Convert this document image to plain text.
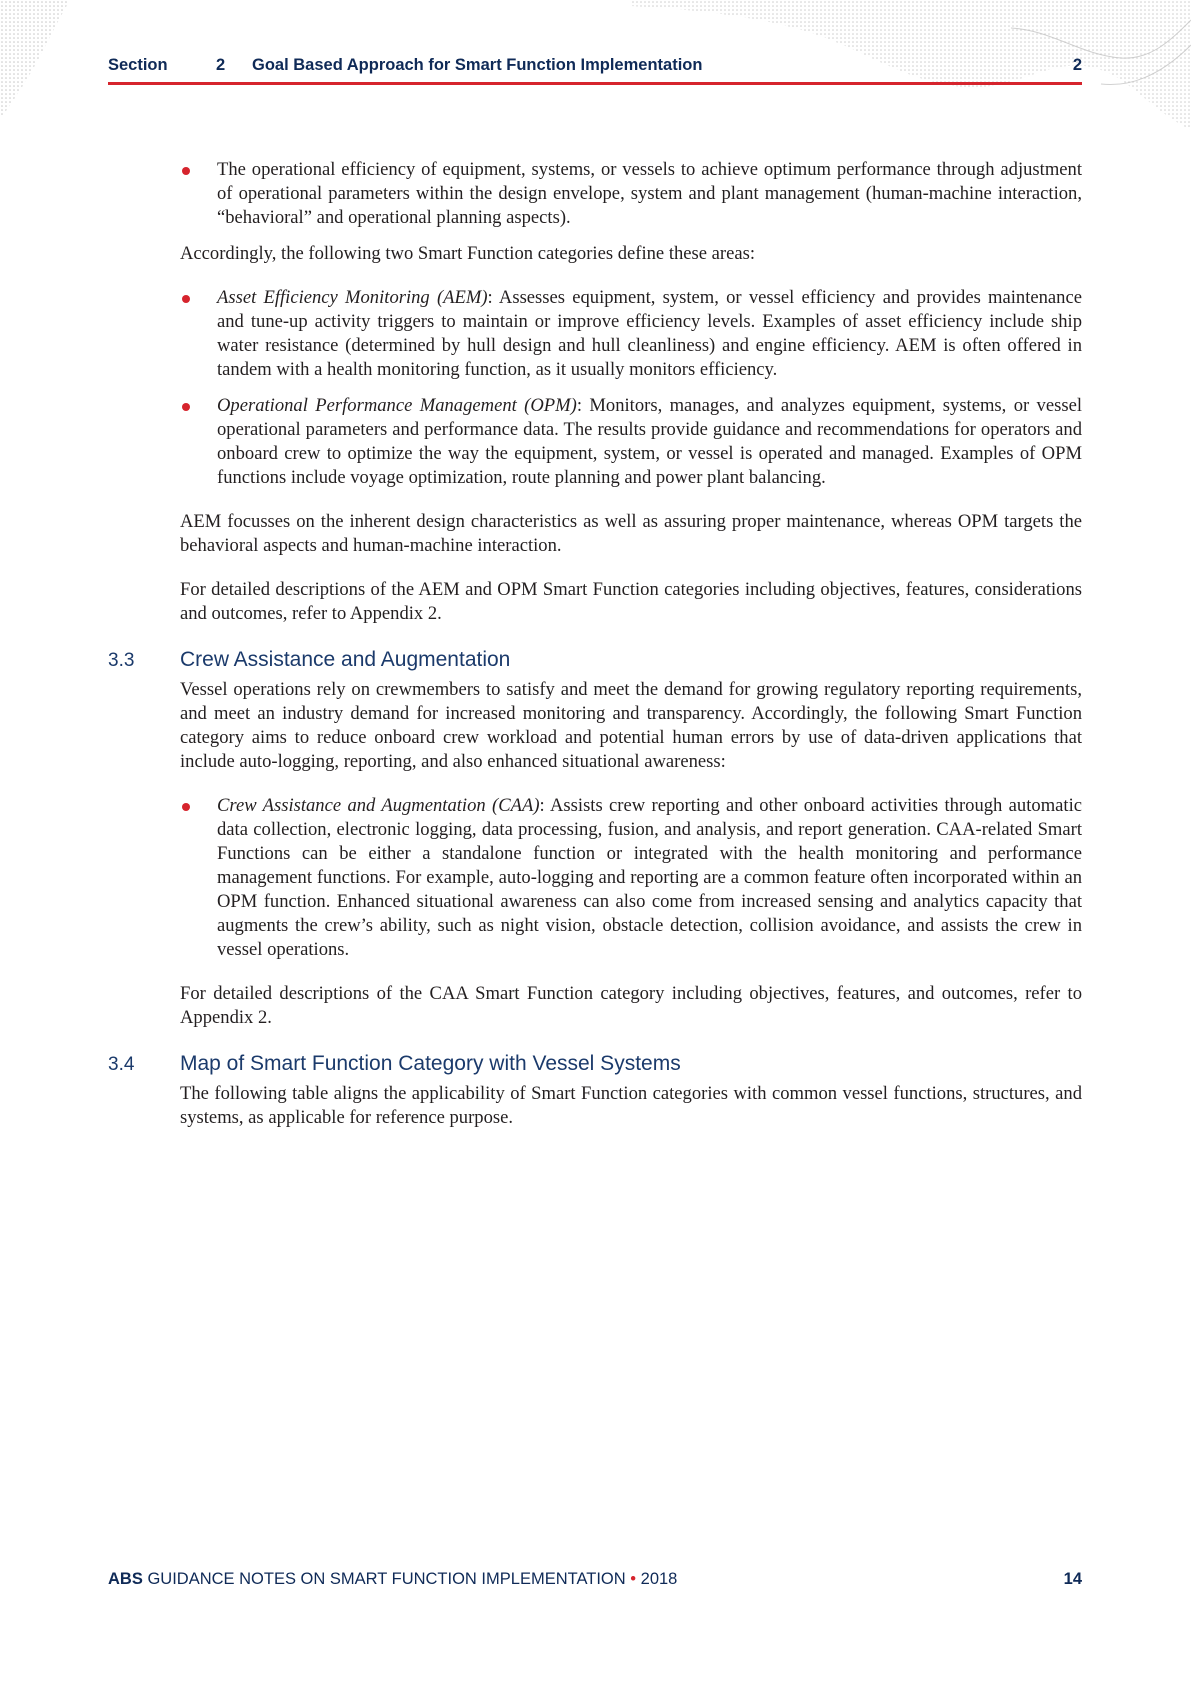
Section	2 Goal Based Approach for Smart Function Implementation	2

The operational efficiency of equipment, systems, or vessels to achieve optimum performance through adjustment of operational parameters within the design envelope, system and plant management (human-machine interaction, “behavioral” and operational planning aspects).

Accordingly, the following two Smart Function categories define these areas:

Asset Efficiency Monitoring (AEM): Assesses equipment, system, or vessel efficiency and provides maintenance and tune-up activity triggers to maintain or improve efficiency levels. Examples of asset efficiency include ship water resistance (determined by hull design and hull cleanliness) and engine efficiency. AEM is often offered in tandem with a health monitoring function, as it usually monitors efficiency.

Operational Performance Management (OPM): Monitors, manages, and analyzes equipment, systems, or vessel operational parameters and performance data. The results provide guidance and recommendations for operators and onboard crew to optimize the way the equipment, system, or vessel is operated and managed. Examples of OPM functions include voyage optimization, route planning and power plant balancing.

AEM focusses on the inherent design characteristics as well as assuring proper maintenance, whereas OPM targets the behavioral aspects and human-machine interaction.

For detailed descriptions of the AEM and OPM Smart Function categories including objectives, features, considerations and outcomes, refer to Appendix 2.

3.3 Crew Assistance and Augmentation

Vessel operations rely on crewmembers to satisfy and meet the demand for growing regulatory reporting requirements, and meet an industry demand for increased monitoring and transparency. Accordingly, the following Smart Function category aims to reduce onboard crew workload and potential human errors by use of data-driven applications that include auto-logging, reporting, and also enhanced situational awareness:

Crew Assistance and Augmentation (CAA): Assists crew reporting and other onboard activities through automatic data collection, electronic logging, data processing, fusion, and analysis, and report generation. CAA-related Smart Functions can be either a standalone function or integrated with the health monitoring and performance management functions. For example, auto-logging and reporting are a common feature often incorporated within an OPM function. Enhanced situational awareness can also come from increased sensing and analytics capacity that augments the crew’s ability, such as night vision, obstacle detection, collision avoidance, and assists the crew in vessel operations.

For detailed descriptions of the CAA Smart Function category including objectives, features, and outcomes, refer to Appendix 2.

3.4 Map of Smart Function Category with Vessel Systems

The following table aligns the applicability of Smart Function categories with common vessel functions, structures, and systems, as applicable for reference purpose.

ABS GUIDANCE NOTES ON SMART FUNCTION IMPLEMENTATION • 2018	14
